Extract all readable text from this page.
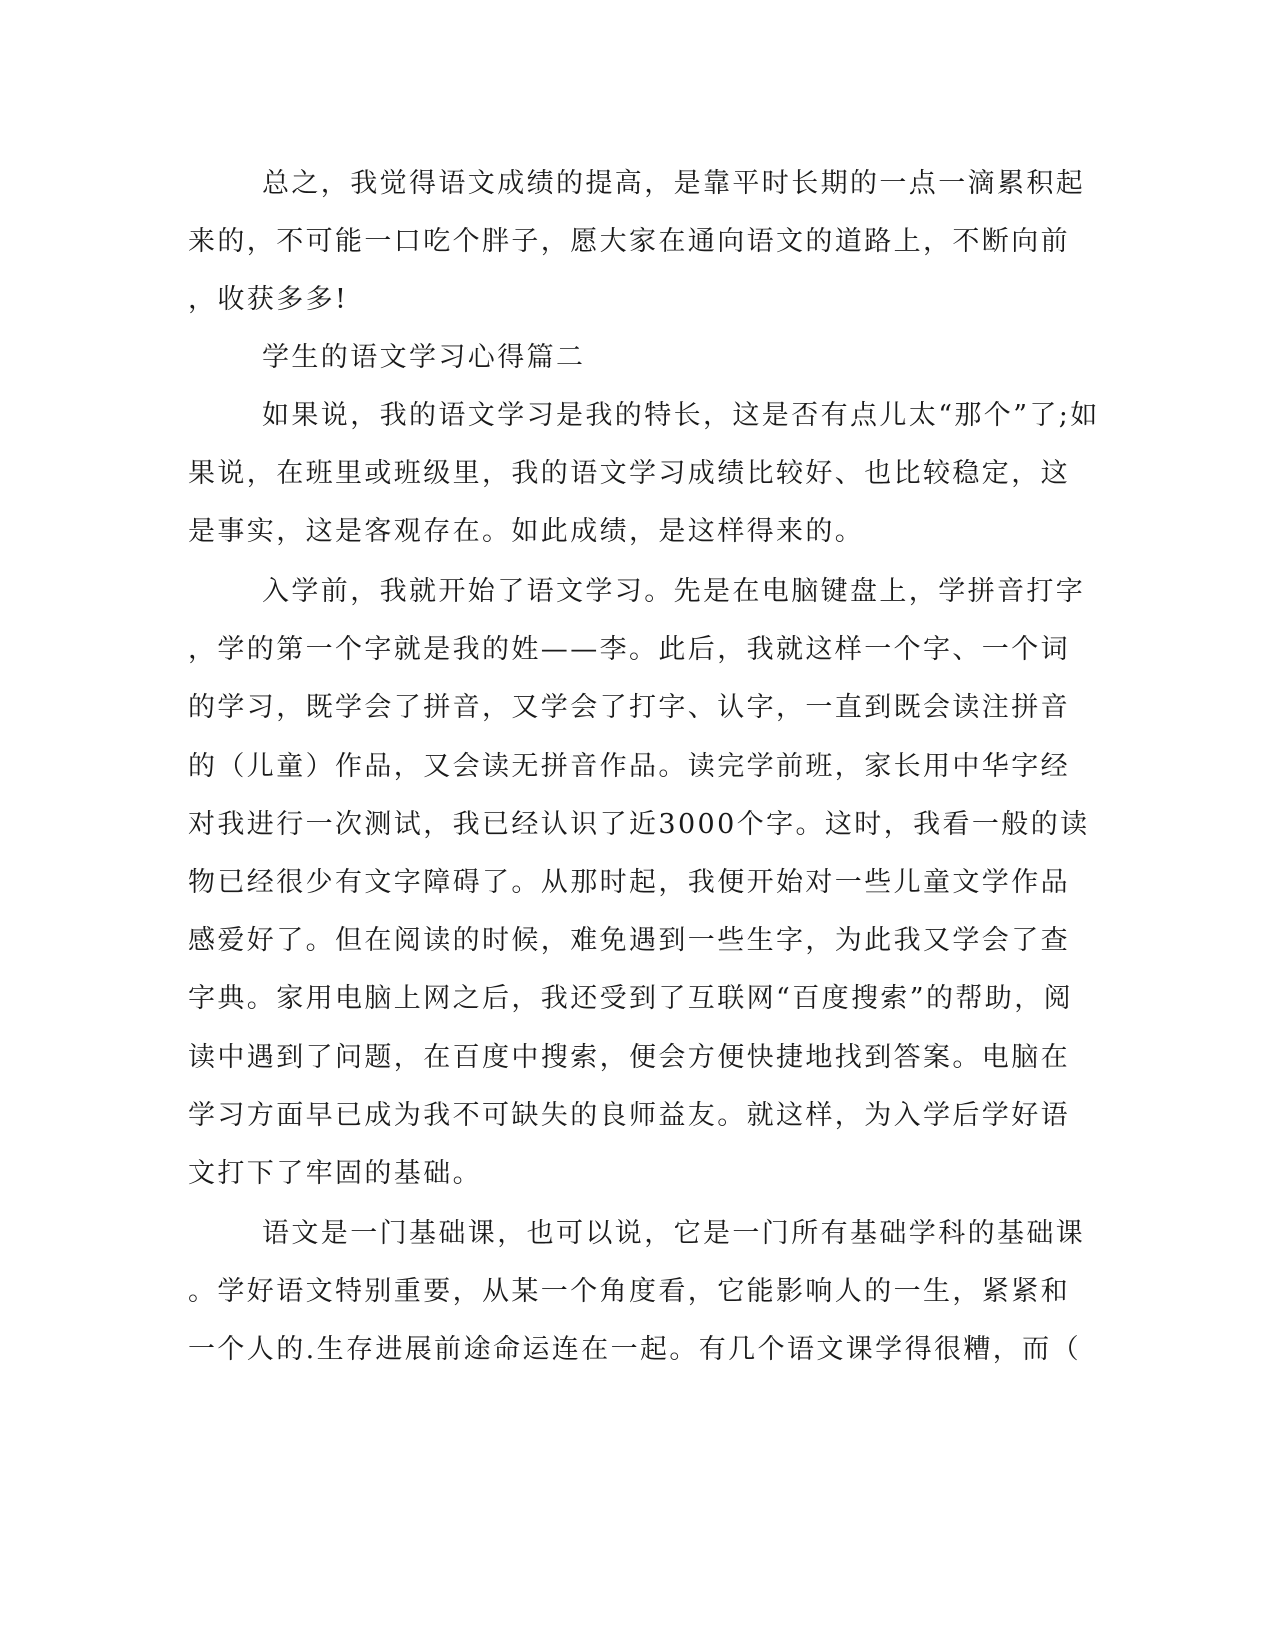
总之，我觉得语文成绩的提高，是靠平时长期的一点一滴累积起
来的，不可能一口吃个胖子，愿大家在通向语文的道路上，不断向前
，收获多多!
学生的语文学习心得篇二
如果说，我的语文学习是我的特长，这是否有点儿太“那个”了;如
果说，在班里或班级里，我的语文学习成绩比较好、也比较稳定，这
是事实，这是客观存在。如此成绩，是这样得来的。
入学前，我就开始了语文学习。先是在电脑键盘上，学拼音打字
，学的第一个字就是我的姓——李。此后，我就这样一个字、一个词
的学习，既学会了拼音，又学会了打字、认字，一直到既会读注拼音
的（儿童）作品，又会读无拼音作品。读完学前班，家长用中华字经
对我进行一次测试，我已经认识了近3000个字。这时，我看一般的读
物已经很少有文字障碍了。从那时起，我便开始对一些儿童文学作品
感爱好了。但在阅读的时候，难免遇到一些生字，为此我又学会了查
字典。家用电脑上网之后，我还受到了互联网“百度搜索”的帮助，阅
读中遇到了问题，在百度中搜索，便会方便快捷地找到答案。电脑在
学习方面早已成为我不可缺失的良师益友。就这样，为入学后学好语
文打下了牢固的基础。
语文是一门基础课，也可以说，它是一门所有基础学科的基础课
。学好语文特别重要，从某一个角度看，它能影响人的一生，紧紧和
一个人的.生存进展前途命运连在一起。有几个语文课学得很糟，而（
